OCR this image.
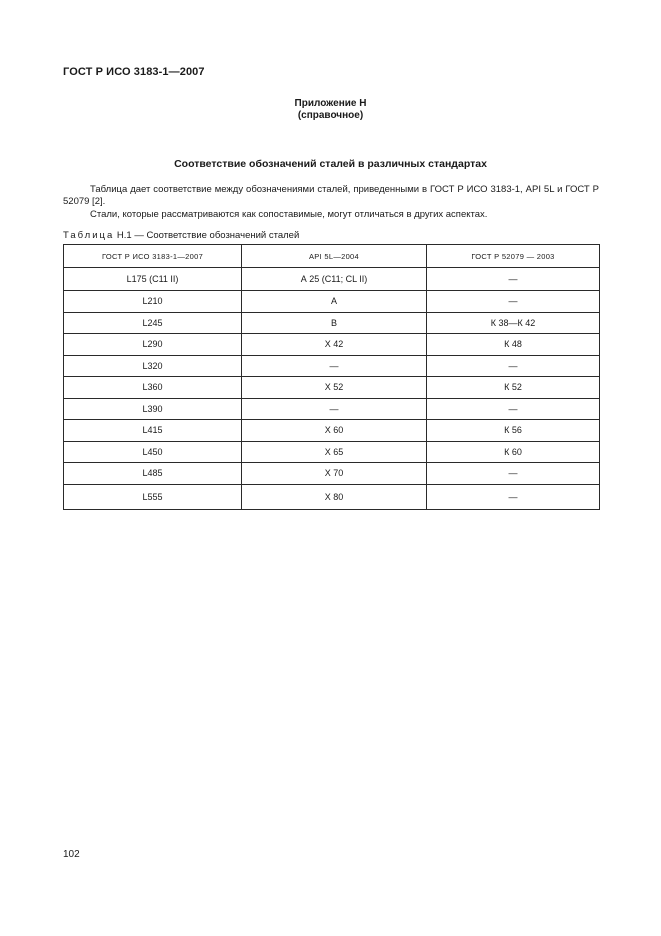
ГОСТ Р ИСО 3183-1—2007
Приложение Н
(справочное)
Соответствие обозначений сталей в различных стандартах
Таблица дает соответствие между обозначениями сталей, приведенными в ГОСТ Р ИСО 3183-1, API 5L и ГОСТ Р 52079 [2].
Стали, которые рассматриваются как сопоставимые, могут отличаться в других аспектах.
Таблица Н.1 — Соответствие обозначений сталей
ГОСТ Р ИСО 3183-1—2007	API 5L—2004	ГОСТ Р 52079 — 2003
L175 (С11 II)	А 25 (С11; CL II)	—
L210	А	—
L245	В	К 38—К 42
L290	Х 42	К 48
L320	—	—
L360	Х 52	К 52
L390	—	—
L415	Х 60	К 56
L450	Х 65	К 60
L485	Х 70	—
L555	Х 80	—
102
